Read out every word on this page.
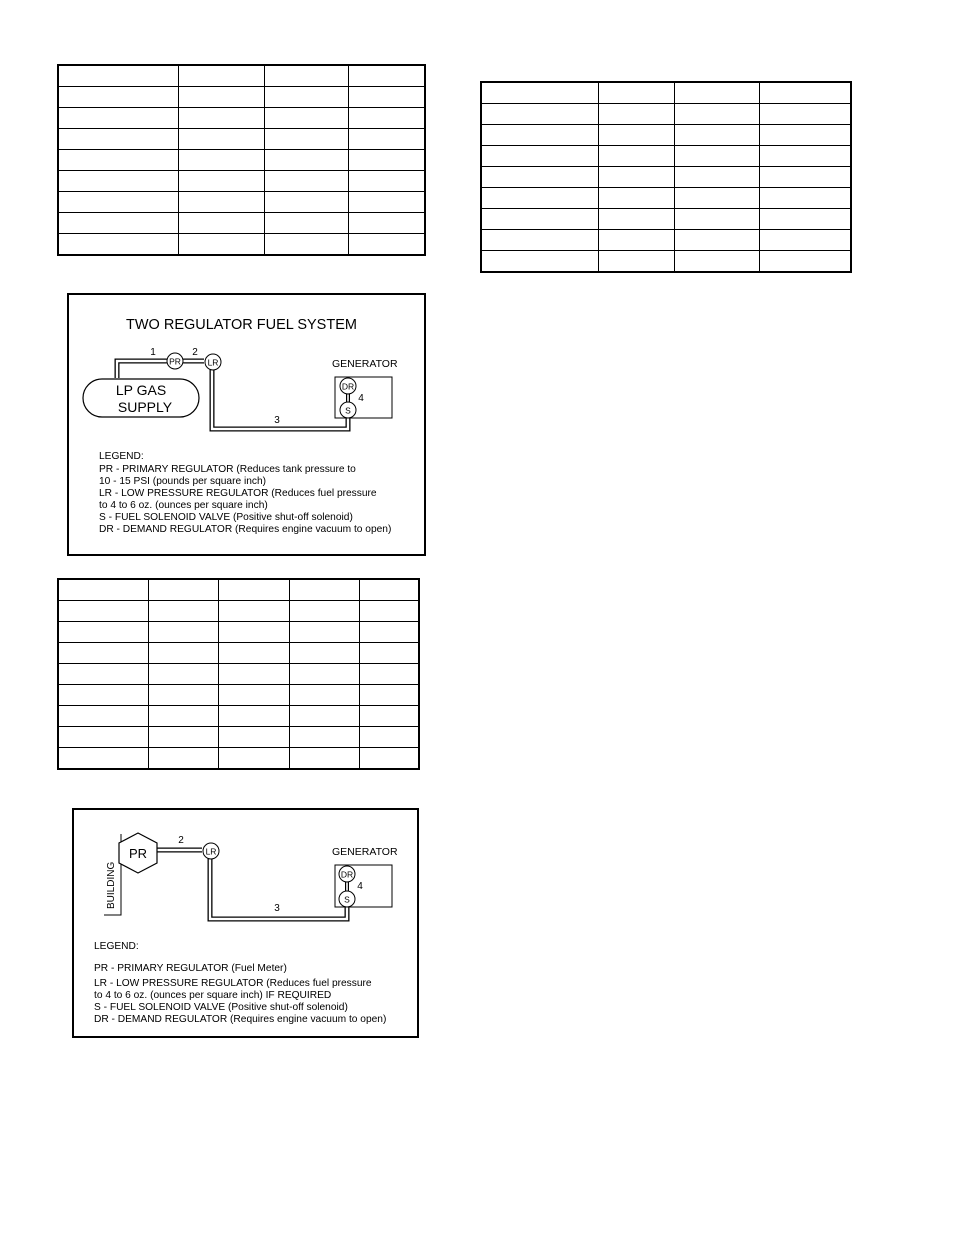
TWO REGULATOR FUEL SYSTEM
LP GAS
SUPPLY
1	2
3
PR	LR	GENERATOR
DR
S
4
LEGEND:
PR - PRIMARY REGULATOR (Reduces tank pressure to
10 - 15 PSI (pounds per square inch)
LR - LOW PRESSURE REGULATOR (Reduces fuel pressure
to 4 to 6 oz. (ounces per square inch)
S - FUEL SOLENOID VALVE (Positive shut-off solenoid)
DR - DEMAND REGULATOR (Requires engine vacuum to open)

BUILDING
PR
2
3
LR	GENERATOR
DR
S
4
LEGEND:
PR - PRIMARY REGULATOR (Fuel Meter)
LR - LOW PRESSURE REGULATOR (Reduces fuel pressure
to 4 to 6 oz. (ounces per square inch) IF REQUIRED
S - FUEL SOLENOID VALVE (Positive shut-off solenoid)
DR - DEMAND REGULATOR (Requires engine vacuum to open)
